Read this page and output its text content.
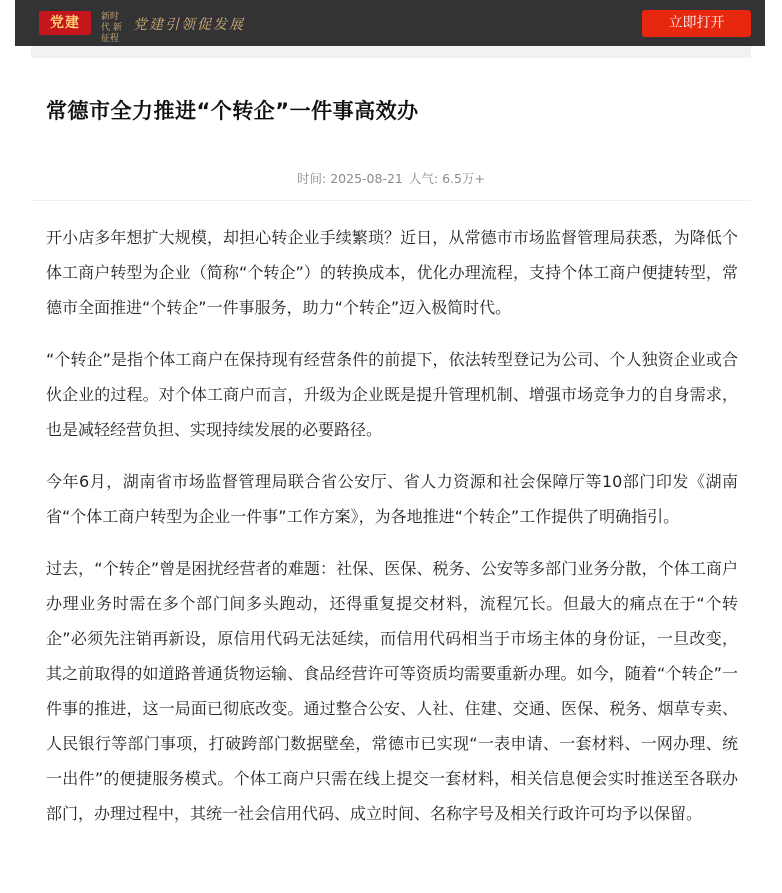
党建 新时代 新征程
党建引领促发展	立即打开
常德市全力推进“个转企”一件事高效办
时间: 2025-08-21 人气: 6.5万+

开小店多年想扩大规模，却担心转企业手续繁琐？近日，从常德市市场监督管理局获悉，为降低个体工商户转型为企业（简称“个转企”）的转换成本，优化办理流程，支持个体工商户便捷转型，常德市全面推进“个转企”一件事服务，助力“个转企”迈入极简时代。

“个转企”是指个体工商户在保持现有经营条件的前提下，依法转型登记为公司、个人独资企业或合伙企业的过程。对个体工商户而言，升级为企业既是提升管理机制、增强市场竞争力的自身需求，也是减轻经营负担、实现持续发展的必要路径。

今年6月，湖南省市场监督管理局联合省公安厅、省人力资源和社会保障厅等10部门印发《湖南省“个体工商户转型为企业一件事”工作方案》，为各地推进“个转企”工作提供了明确指引。

过去，“个转企”曾是困扰经营者的难题：社保、医保、税务、公安等多部门业务分散，个体工商户办理业务时需在多个部门间多头跑动，还得重复提交材料，流程冗长。但最大的痛点在于“个转企”必须先注销再新设，原信用代码无法延续，而信用代码相当于市场主体的身份证，一旦改变，其之前取得的如道路普通货物运输、食品经营许可等资质均需要重新办理。如今，随着“个转企”一件事的推进，这一局面已彻底改变。通过整合公安、人社、住建、交通、医保、税务、烟草专卖、人民银行等部门事项，打破跨部门数据壁垒，常德市已实现“一表申请、一套材料、一网办理、统一出件”的便捷服务模式。个体工商户只需在线上提交一套材料，相关信息便会实时推送至各联办部门，办理过程中，其统一社会信用代码、成立时间、名称字号及相关行政许可均予以保留。
